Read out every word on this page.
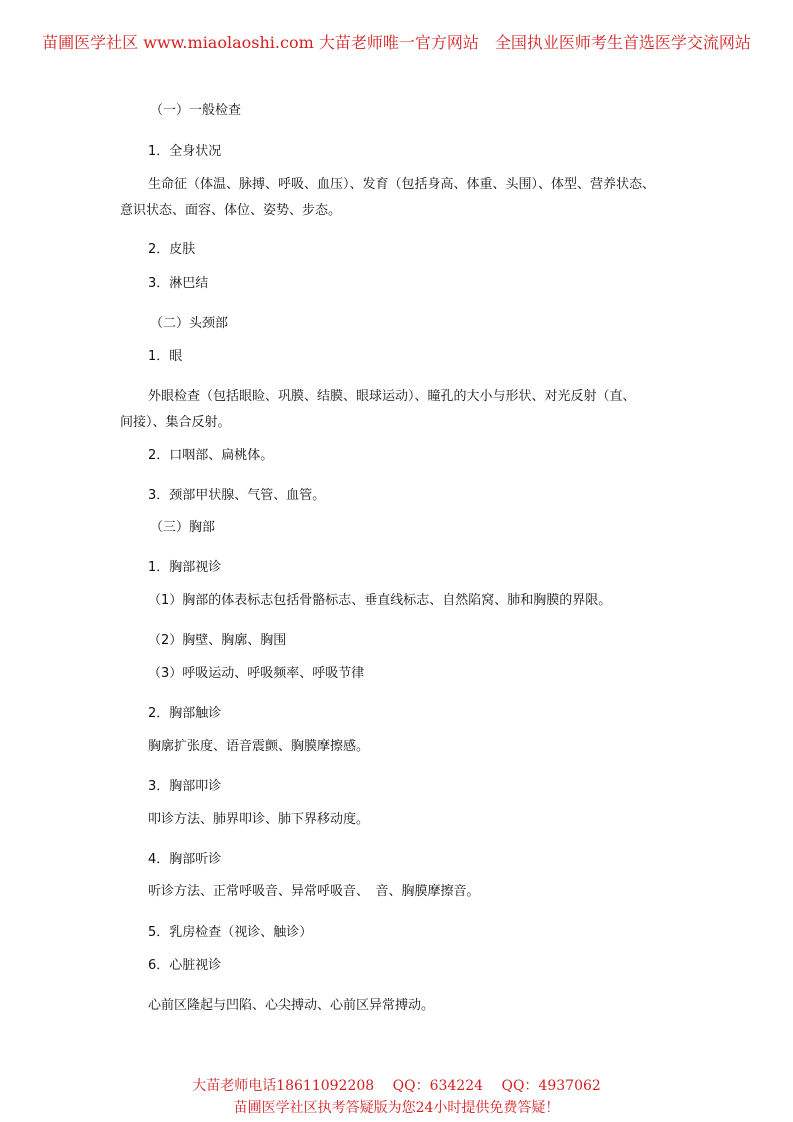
苗圃医学社区 www.miaolaoshi.com 大苗老师唯一官方网站　全国执业医师考生首选医学交流网站
（一）一般检查
1．全身状况
生命征（体温、脉搏、呼吸、血压）、发育（包括身高、体重、头围）、体型、营养状态、
意识状态、面容、体位、姿势、步态。
2．皮肤
3．淋巴结
（二）头颈部
1．眼
外眼检查（包括眼睑、巩膜、结膜、眼球运动）、瞳孔的大小与形状、对光反射（直、
间接）、集合反射。
2．口咽部、扁桃体。
3．颈部甲状腺、气管、血管。
（三）胸部
1．胸部视诊
（1）胸部的体表标志包括骨骼标志、垂直线标志、自然陷窝、肺和胸膜的界限。
（2）胸壁、胸廓、胸围
（3）呼吸运动、呼吸频率、呼吸节律
2．胸部触诊
胸廓扩张度、语音震颤、胸膜摩擦感。
3．胸部叩诊
叩诊方法、肺界叩诊、肺下界移动度。
4．胸部听诊
听诊方法、正常呼吸音、异常呼吸音、　音、胸膜摩擦音。
5．乳房检查（视诊、触诊）
6．心脏视诊
心前区隆起与凹陷、心尖搏动、心前区异常搏动。
大苗老师电话18611092208　 QQ：634224　 QQ：4937062
苗圃医学社区执考答疑版为您24小时提供免费答疑！
